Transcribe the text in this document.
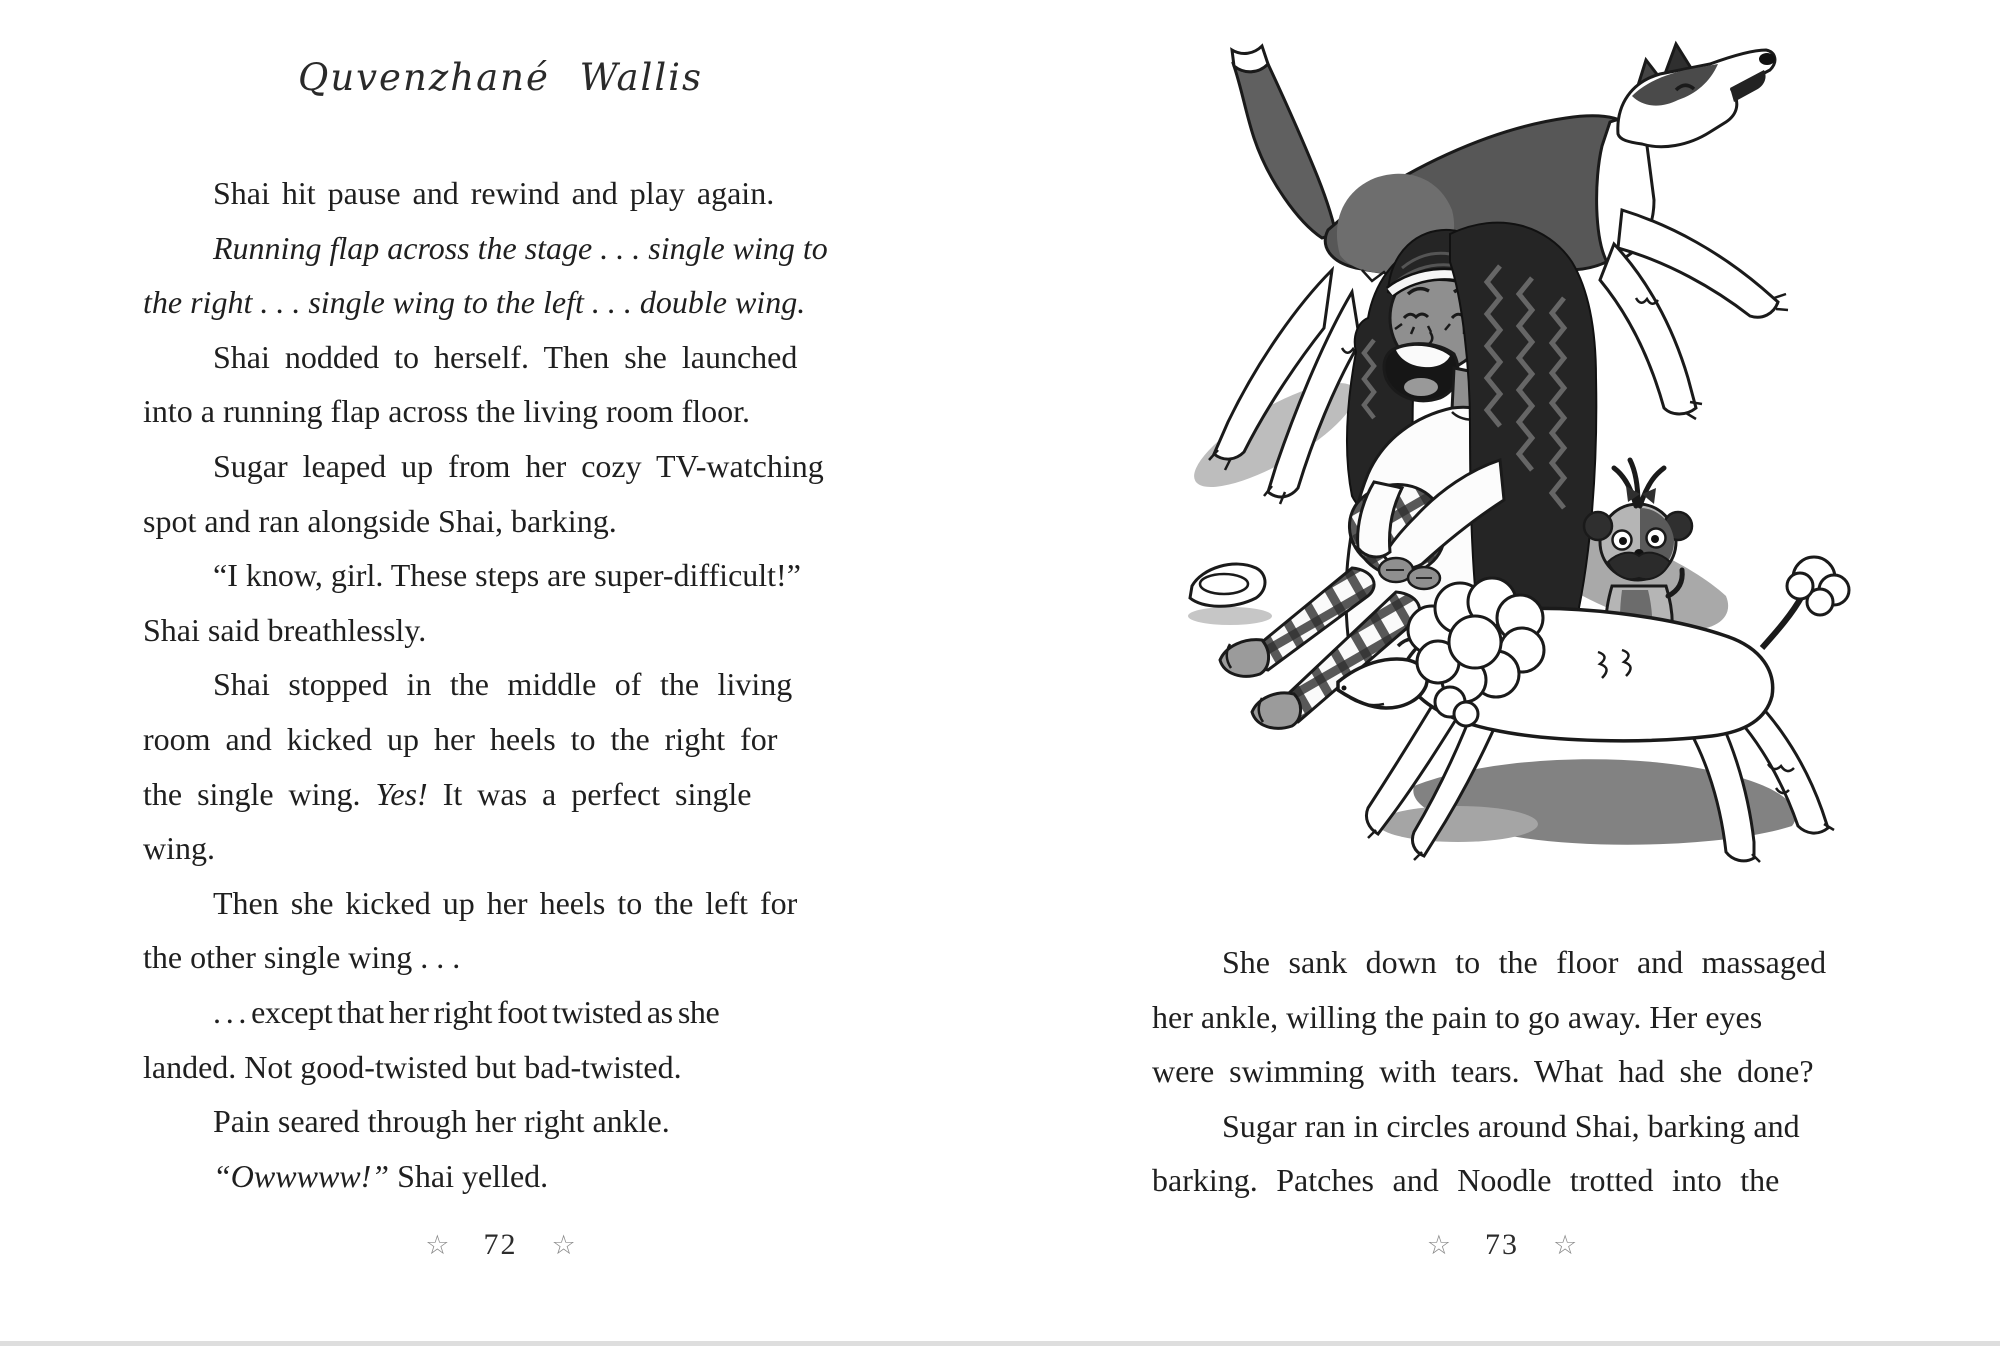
Quvenzhané Wallis
Shai hit pause and rewind and play again.
Running flap across the stage . . . single wing to
the right . . . single wing to the left . . . double wing.
Shai nodded to herself. Then she launched
into a running flap across the living room floor.
Sugar leaped up from her cozy TV-watching
spot and ran alongside Shai, barking.
“I know, girl. These steps are super-difficult!”
Shai said breathlessly.
Shai stopped in the middle of the living
room and kicked up her heels to the right for
the single wing. Yes! It was a perfect single
wing.
Then she kicked up her heels to the left for
the other single wing . . .
. . . except that her right foot twisted as she
landed. Not good-twisted but bad-twisted.
Pain seared through her right ankle.
“Owwwww!” Shai yelled.
☆ 72 ☆
She sank down to the floor and massaged
her ankle, willing the pain to go away. Her eyes
were swimming with tears. What had she done?
Sugar ran in circles around Shai, barking and
barking. Patches and Noodle trotted into the
☆ 73 ☆
